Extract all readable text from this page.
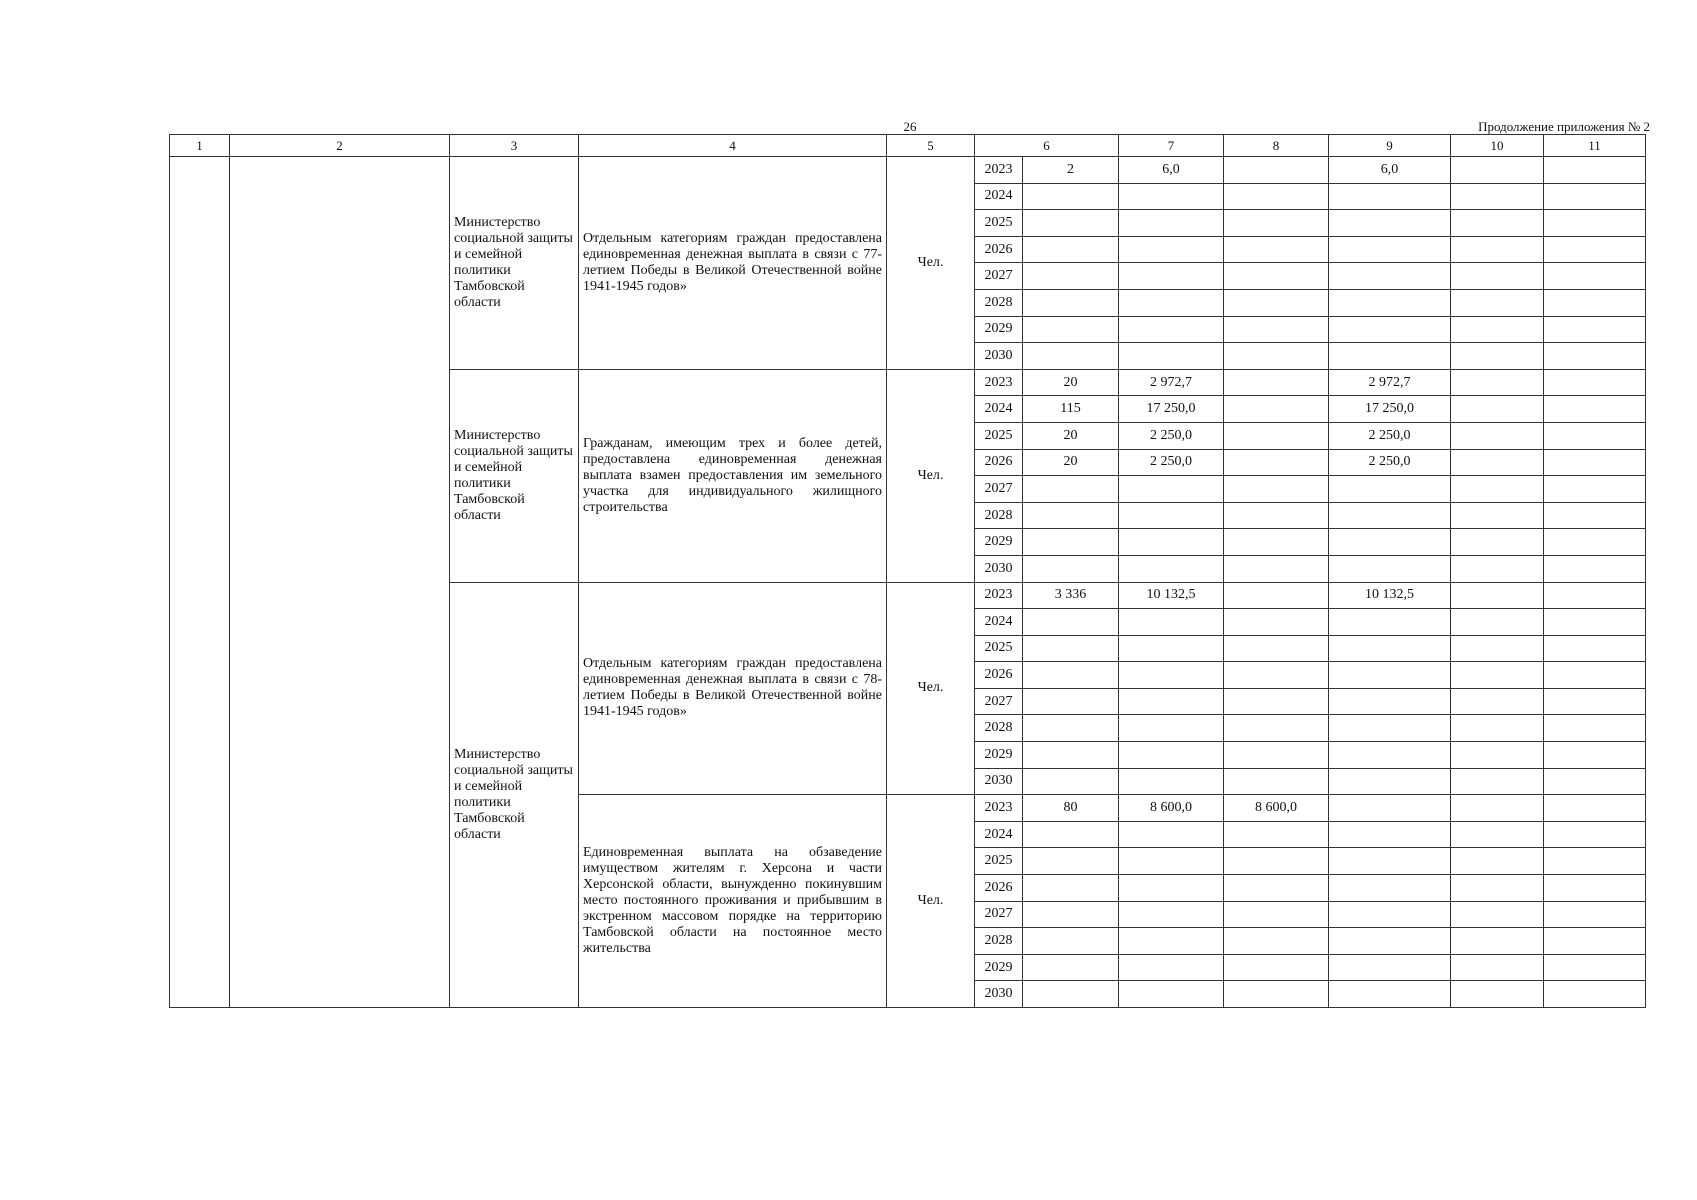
26	Продолжение приложения № 2
1	2	3	4	5	6		7	8	9	10	11
		Министерство социальной защиты и семейной политики Тамбовской области	Отдельным категориям граждан предоставлена единовременная денежная выплата в связи с 77-летием Победы в Великой Отечественной войне 1941-1945 годов»	Чел.	2023	2	6,0		6,0		
					2024						
					2025						
					2026						
					2027						
					2028						
					2029						
					2030						
		Министерство социальной защиты и семейной политики Тамбовской области	Гражданам, имеющим трех и более детей, предоставлена единовременная денежная выплата взамен предоставления им земельного участка для индивидуального жилищного строительства	Чел.	2023	20	2 972,7		2 972,7		
					2024	115	17 250,0		17 250,0		
					2025	20	2 250,0		2 250,0		
					2026	20	2 250,0		2 250,0		
					2027						
					2028						
					2029						
					2030						
		Министерство социальной защиты и семейной политики Тамбовской области	Отдельным категориям граждан предоставлена единовременная денежная выплата в связи с 78-летием Победы в Великой Отечественной войне 1941-1945 годов»	Чел.	2023	3 336	10 132,5		10 132,5		
					2024						
					2025						
					2026						
					2027						
					2028						
					2029						
					2030						
			Единовременная выплата на обзаведение имуществом жителям г. Херсона и части Херсонской области, вынужденно покинувшим место постоянного проживания и прибывшим в экстренном массовом порядке на территорию Тамбовской области на постоянное место жительства	Чел.	2023	80	8 600,0	8 600,0			
					2024						
					2025						
					2026						
					2027						
					2028						
					2029						
					2030						
